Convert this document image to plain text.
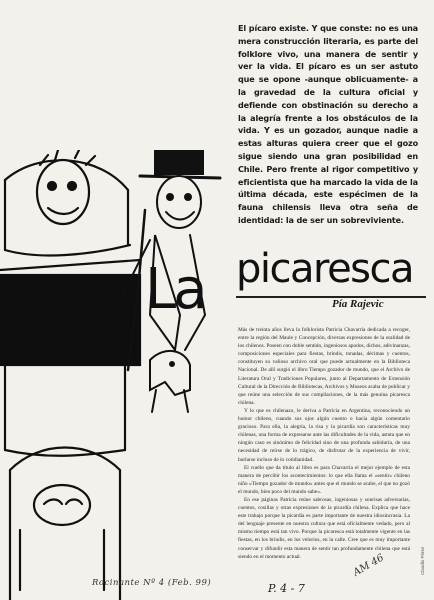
El pícaro existe. Y que conste: no es una mera construcción literaria, es parte del folklore vivo, una manera de sentir y ver la vida. El pícaro es un ser astuto que se opone -aunque oblicuamente- a la gravedad de la cultura oficial y defiende con obstinación su derecho a la alegría frente a los obstáculos de la vida. Y es un gozador, aunque nadie a estas alturas quiera creer que el gozo sigue siendo una gran posibilidad en Chile. Pero frente al rigor competitivo y eficientista que ha marcado la vida de la última década, este espécimen de la fauna chilensis lleva otra seña de identidad: la de ser un sobreviviente.
La picaresca
Pía Rajevic

Más de treinta años lleva la folklorista Patricia Chavarría dedicada a recoger, entre la región del Maule y Concepción, diversas expresiones de la oralidad de los chilenos. Poseen con doble sentido, ingeniosos apodos, dichos, adivinanzas, composiciones especiales para fiestas, brindis, tonadas, décimas y cuentos, constituyen su valioso archivo oral que puede actualmente en la Biblioteca Nacional. De allí surgió el libro Tiempo gozador de mundo, que el Archivo de Literatura Oral y Tradiciones Populares, junto al Departamento de Extensión Cultural de la Dirección de Bibliotecas, Archivos y Museos acaba de publicar y que reúne una selección de sus compilaciones, de la más genuina picaresca chilena.

Y lo que es chilenazo, le deriva a Patricia en Argentina, reconociendo un humor chileno, cuando sus ojos algún cuento o hacía algún comentario gracioso. Para ella, la alegría, la risa y la picardía son características muy chilenas, una forma de expresarse ante las dificultades de la vida, astuta que en ningún caso es sinónimo de felicidad sino de una profunda sabiduría, de una necesidad de reírse de lo trágico, de disfrutar de la experiencia de vivir, burlarse incluso de lo cotidianidad.

El cuello que da título al libro es para Chavarría el mejor ejemplo de esta manera de percibir los acontecimientos: lo que ella llama el «sentir» chileno niño «Tiempo gozador de mundo» antes que el mundo se acabe, el que no gozó el mundo, bien poco del mundo sabe».

En ese páginas Patricia reúne sabrosas, ingeniosas y sonrisas adversarias, cuentos, cosillas y otras expresiones de la picardía chilena. Explica que hace este trabajo porque la picardía es parte importante de nuestra idiosincrasia. La del lenguaje presente en nuestra cultura que está oficialmente vedado, pero al mismo tiempo está tan vivo. Porque la picaresca está totalmente vigente en las fiestas, en los brindis, en los velorios, en la calle. Cree que es muy importante conservar y difundir esta manera de sentir tan profundamente chilena que está siendo en el momento actual.

Rocinante Nº 4 (Feb. 99)	P. 4 - 7
AM 46	Claudio Pérez
